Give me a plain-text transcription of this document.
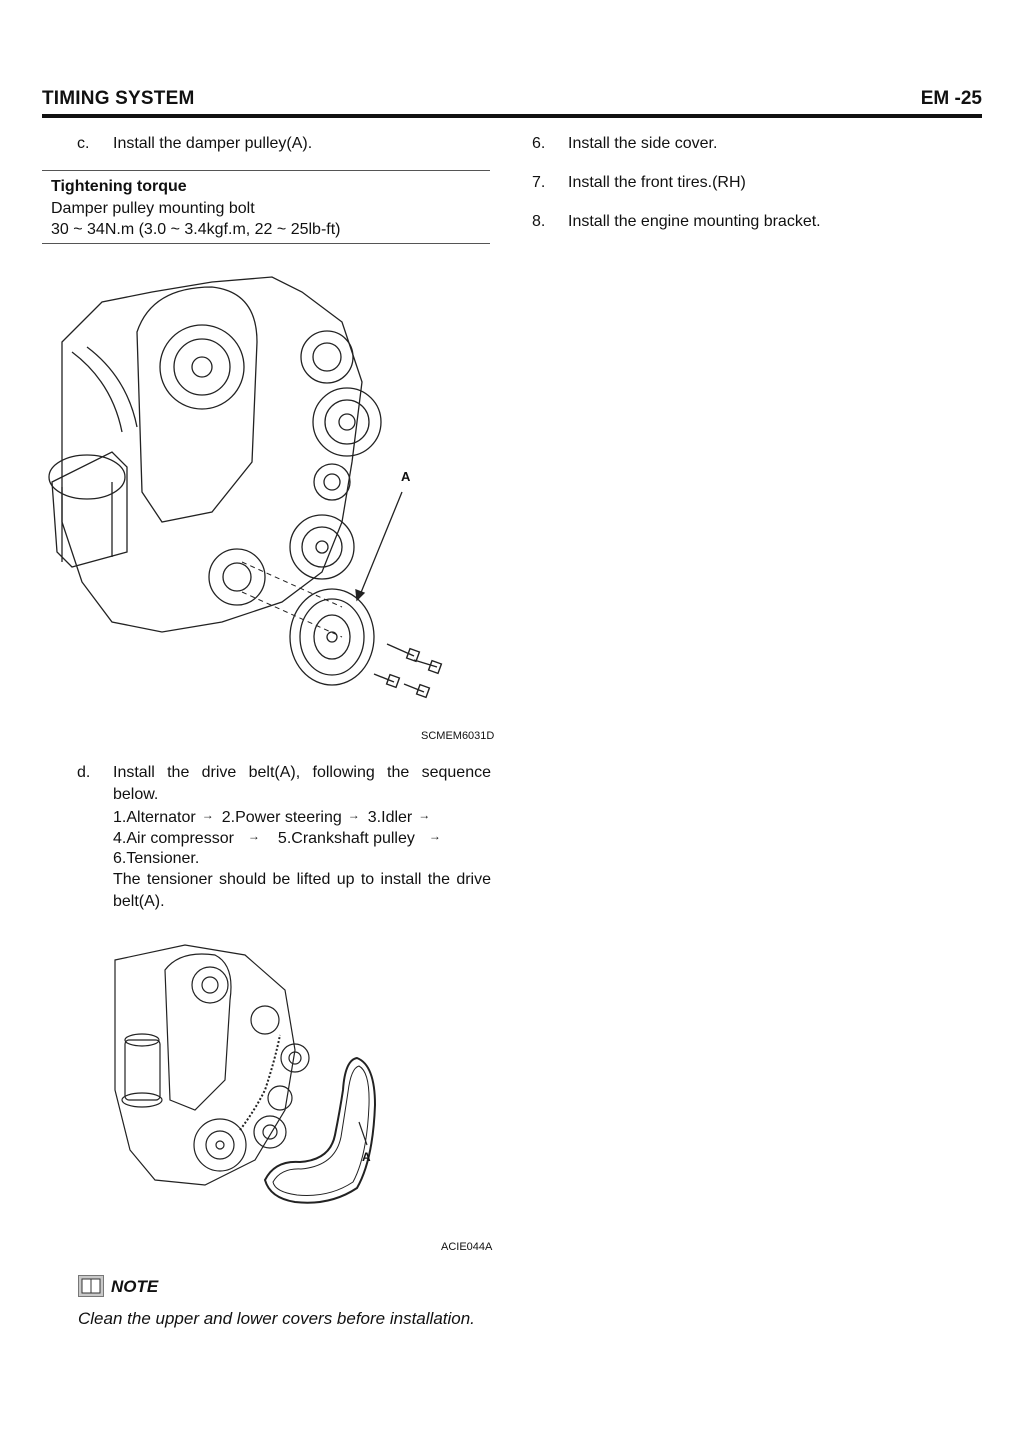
TIMING SYSTEM	EM -25
c. Install the damper pulley(A).
Tightening torque
Damper pulley mounting bolt
30 ~ 34N.m (3.0 ~ 3.4kgf.m, 22 ~ 25lb-ft)
A
SCMEM6031D
d. Install the drive belt(A), following the sequence below.
1.Alternator → 2.Power steering → 3.Idler →
4.Air compressor → 5.Crankshaft pulley →
6.Tensioner.
The tensioner should be lifted up to install the drive belt(A).
A
ACIE044A
NOTE
Clean the upper and lower covers before installation.
6. Install the side cover.
7. Install the front tires.(RH)
8. Install the engine mounting bracket.
